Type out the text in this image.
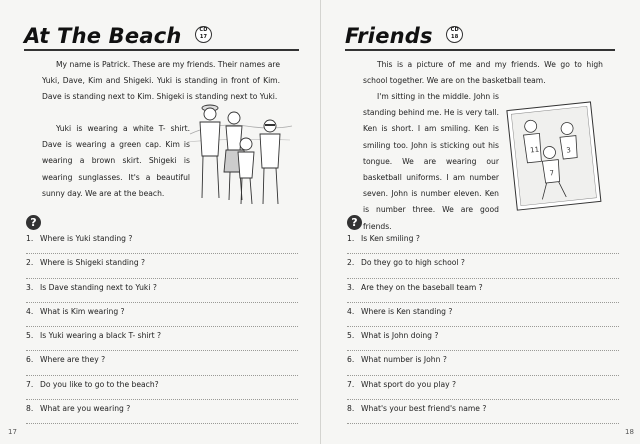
At The Beach	CD
17

My name is Patrick. These are my friends. Their names are Yuki, Dave, Kim and Shigeki. Yuki is standing in front of Kim. Dave is standing next to Kim. Shigeki is standing next to Yuki.

Yuki is wearing a white T- shirt. Dave is wearing a green cap. Kim is wearing a brown skirt. Shigeki is wearing sunglasses. It's a beautiful sunny day. We are at the beach.

?
1. Where is Yuki standing ?
2. Where is Shigeki standing ?
3. Is Dave standing next to Yuki ?
4. What is Kim wearing ?
5. Is Yuki wearing a black T- shirt ?
6. Where are they ?
7. Do you like to go to the beach?
8. What are you wearing ?
17
Friends	CD
18

This is a picture of me and my friends. We go to high school together. We are on the basketball team.

I'm sitting in the middle. John is standing behind me. He is very tall. Ken is short. I am smiling. Ken is smiling too. John is sticking out his tongue. We are wearing our basketball uniforms. I am number seven. John is number eleven. Ken is number three. We are good friends.

11	3
7
?
1. Is Ken smiling ?
2. Do they go to high school ?
3. Are they on the baseball team ?
4. Where is Ken standing ?
5. What is John doing ?
6. What number is John ?
7. What sport do you play ?
8. What's your best friend's name ?
18
